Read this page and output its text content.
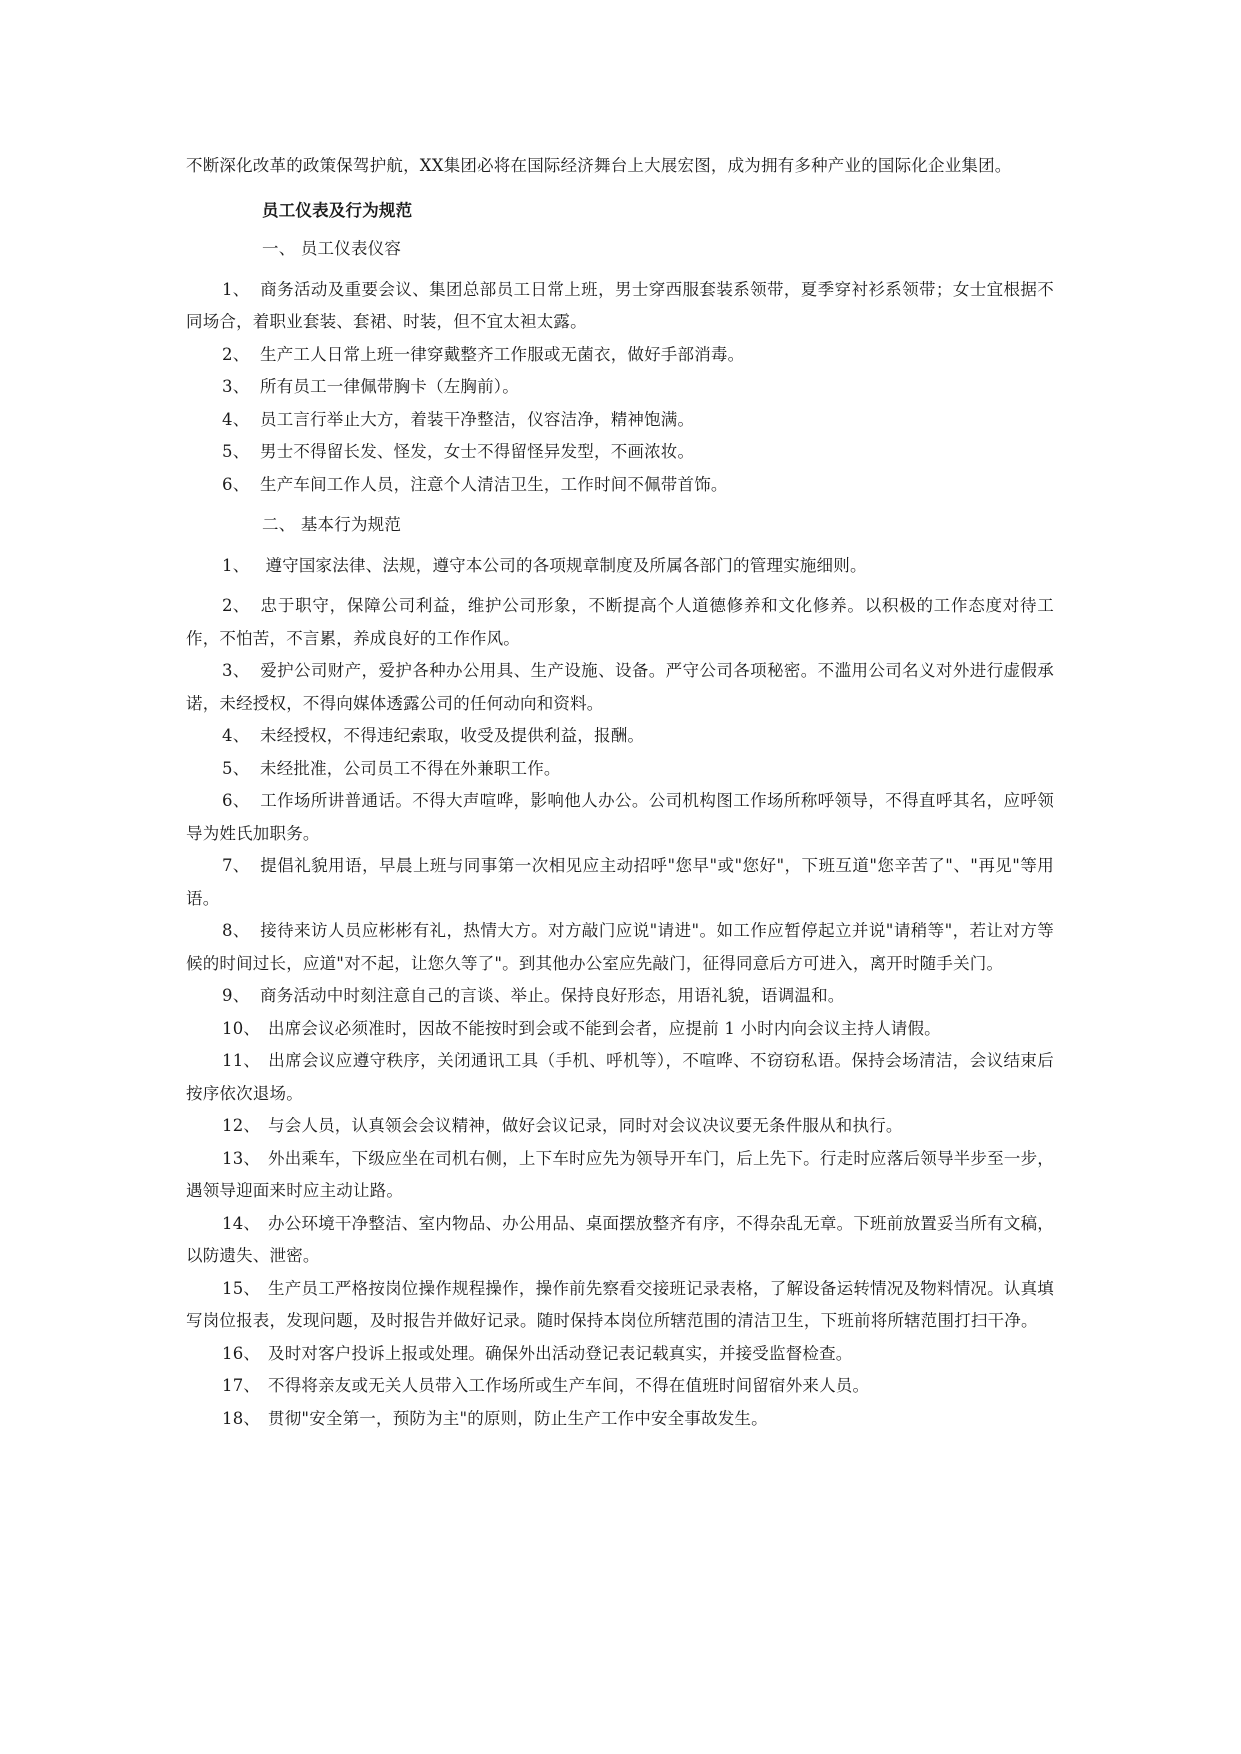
不断深化改革的政策保驾护航，XX集团必将在国际经济舞台上大展宏图，成为拥有多种产业的国际化企业集团。

员工仪表及行为规范

一、 员工仪表仪容

1、 商务活动及重要会议、集团总部员工日常上班，男士穿西服套装系领带，夏季穿衬衫系领带；女士宜根据不同场合，着职业套装、套裙、时装，但不宜太袒太露。

2、 生产工人日常上班一律穿戴整齐工作服或无菌衣，做好手部消毒。

3、 所有员工一律佩带胸卡（左胸前）。

4、 员工言行举止大方，着装干净整洁，仪容洁净，精神饱满。

5、 男士不得留长发、怪发，女士不得留怪异发型，不画浓妆。

6、 生产车间工作人员，注意个人清洁卫生，工作时间不佩带首饰。

二、 基本行为规范

1、 遵守国家法律、法规，遵守本公司的各项规章制度及所属各部门的管理实施细则。

2、 忠于职守，保障公司利益，维护公司形象，不断提高个人道德修养和文化修养。以积极的工作态度对待工作，不怕苦，不言累，养成良好的工作作风。

3、 爱护公司财产，爱护各种办公用具、生产设施、设备。严守公司各项秘密。不滥用公司名义对外进行虚假承诺，未经授权，不得向媒体透露公司的任何动向和资料。

4、 未经授权，不得违纪索取，收受及提供利益，报酬。

5、 未经批准，公司员工不得在外兼职工作。

6、 工作场所讲普通话。不得大声喧哗，影响他人办公。公司机构图工作场所称呼领导，不得直呼其名，应呼领导为姓氏加职务。

7、 提倡礼貌用语，早晨上班与同事第一次相见应主动招呼"您早"或"您好"，下班互道"您辛苦了"、"再见"等用语。

8、 接待来访人员应彬彬有礼，热情大方。对方敲门应说"请进"。如工作应暂停起立并说"请稍等"，若让对方等候的时间过长，应道"对不起，让您久等了"。到其他办公室应先敲门，征得同意后方可进入，离开时随手关门。

9、 商务活动中时刻注意自己的言谈、举止。保持良好形态，用语礼貌，语调温和。

10、 出席会议必须准时，因故不能按时到会或不能到会者，应提前 1 小时内向会议主持人请假。

11、 出席会议应遵守秩序，关闭通讯工具（手机、呼机等），不喧哗、不窃窃私语。保持会场清洁，会议结束后按序依次退场。

12、 与会人员，认真领会会议精神，做好会议记录，同时对会议决议要无条件服从和执行。

13、 外出乘车，下级应坐在司机右侧，上下车时应先为领导开车门，后上先下。行走时应落后领导半步至一步，遇领导迎面来时应主动让路。

14、 办公环境干净整洁、室内物品、办公用品、桌面摆放整齐有序，不得杂乱无章。下班前放置妥当所有文稿，以防遗失、泄密。

15、 生产员工严格按岗位操作规程操作，操作前先察看交接班记录表格，了解设备运转情况及物料情况。认真填写岗位报表，发现问题，及时报告并做好记录。随时保持本岗位所辖范围的清洁卫生，下班前将所辖范围打扫干净。

16、 及时对客户投诉上报或处理。确保外出活动登记表记载真实，并接受监督检查。

17、 不得将亲友或无关人员带入工作场所或生产车间，不得在值班时间留宿外来人员。

18、 贯彻"安全第一，预防为主"的原则，防止生产工作中安全事故发生。
